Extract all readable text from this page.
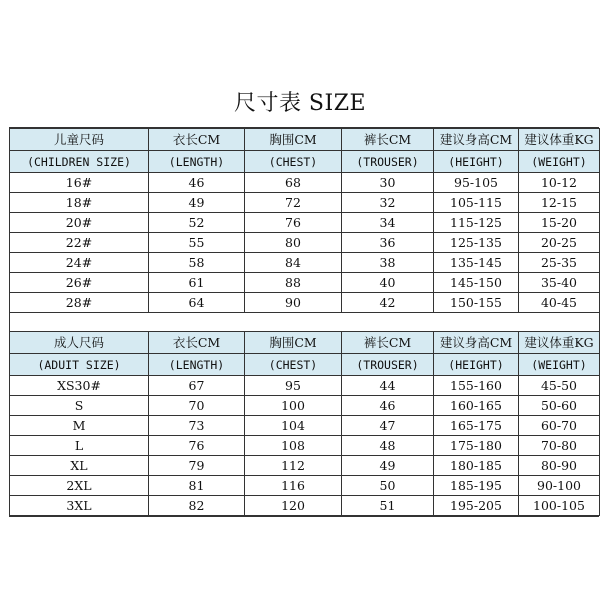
尺寸表 SIZE
儿童尺码	衣长CM	胸围CM	裤长CM	建议身高CM	建议体重KG
(CHILDREN SIZE)	(LENGTH)	(CHEST)	(TROUSER)	(HEIGHT)	(WEIGHT)
16#	46	68	30	95-105	10-12
18#	49	72	32	105-115	12-15
20#	52	76	34	115-125	15-20
22#	55	80	36	125-135	20-25
24#	58	84	38	135-145	25-35
26#	61	88	40	145-150	35-40
28#	64	90	42	150-155	40-45

成人尺码	衣长CM	胸围CM	裤长CM	建议身高CM	建议体重KG
(ADUIT SIZE)	(LENGTH)	(CHEST)	(TROUSER)	(HEIGHT)	(WEIGHT)
XS30#	67	95	44	155-160	45-50
S	70	100	46	160-165	50-60
M	73	104	47	165-175	60-70
L	76	108	48	175-180	70-80
XL	79	112	49	180-185	80-90
2XL	81	116	50	185-195	90-100
3XL	82	120	51	195-205	100-105
